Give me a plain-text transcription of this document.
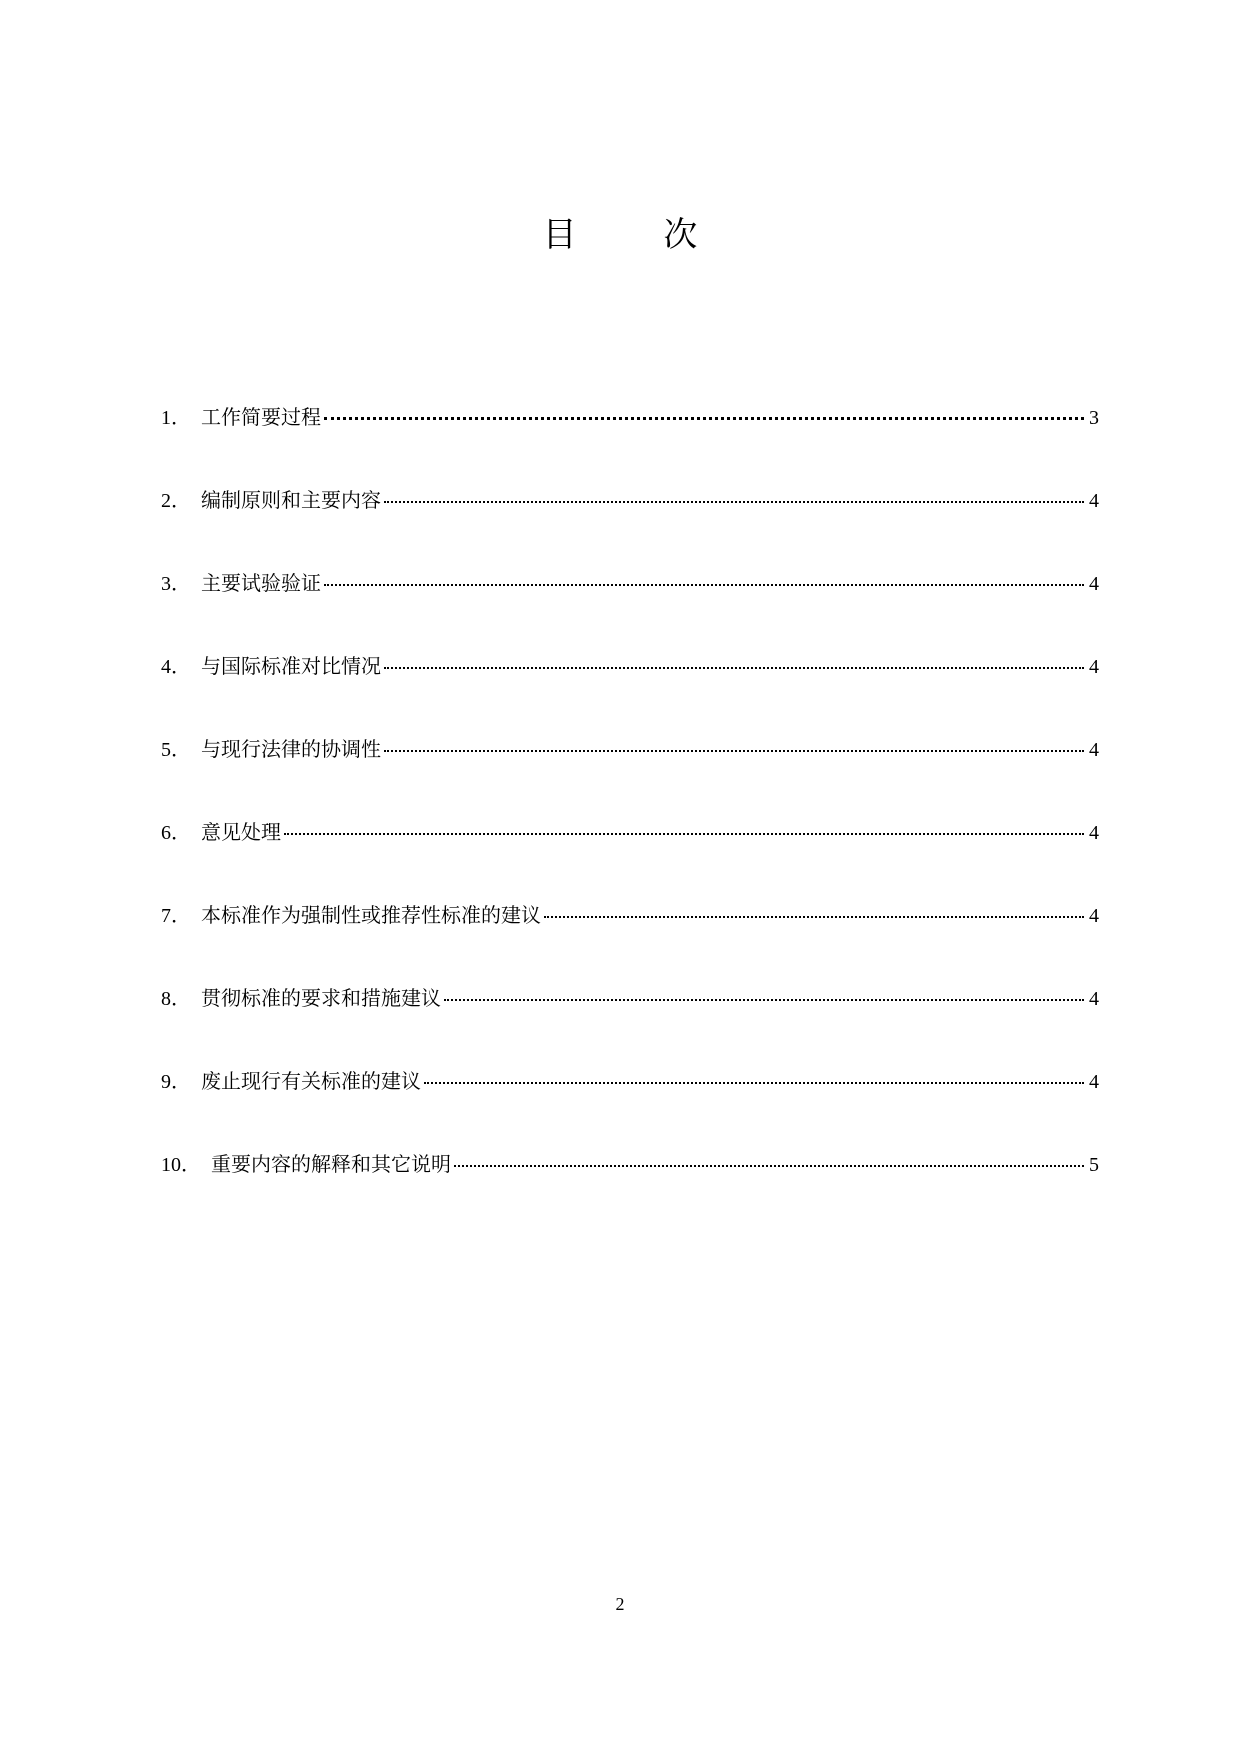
目 次
1． 工作简要过程	3
2． 编制原则和主要内容	4
3． 主要试验验证	4
4． 与国际标准对比情况	4
5． 与现行法律的协调性	4
6． 意见处理	4
7． 本标准作为强制性或推荐性标准的建议	4
8． 贯彻标准的要求和措施建议	4
9． 废止现行有关标准的建议	4
10． 重要内容的解释和其它说明	5
2
